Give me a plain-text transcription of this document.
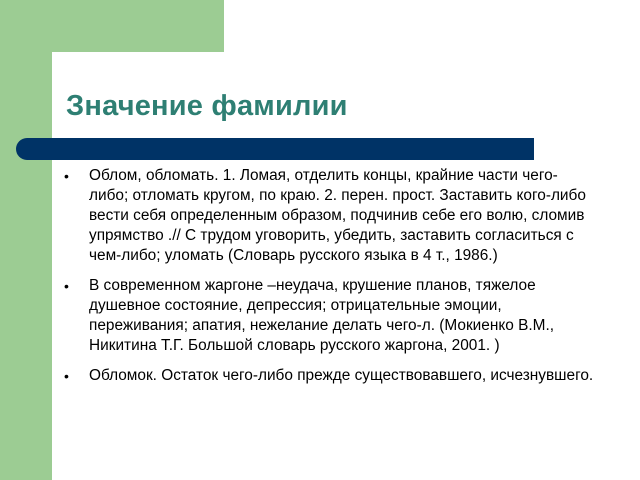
Значение фамилии
• Облом, обломать. 1. Ломая, отделить концы, крайние части чего-либо; отломать кругом, по краю. 2. перен. прост. Заставить кого-либо вести себя определенным образом, подчинив себе его волю, сломив упрямство .// С трудом уговорить, убедить, заставить согласиться с чем-либо; уломать (Словарь русского языка в 4 т., 1986.)
• В современном жаргоне –неудача, крушение планов, тяжелое душевное состояние, депрессия; отрицательные эмоции, переживания; апатия, нежелание делать чего-л. (Мокиенко В.М., Никитина Т.Г. Большой словарь русского жаргона, 2001. )
• Обломок. Остаток чего-либо прежде существовавшего, исчезнувшего.
